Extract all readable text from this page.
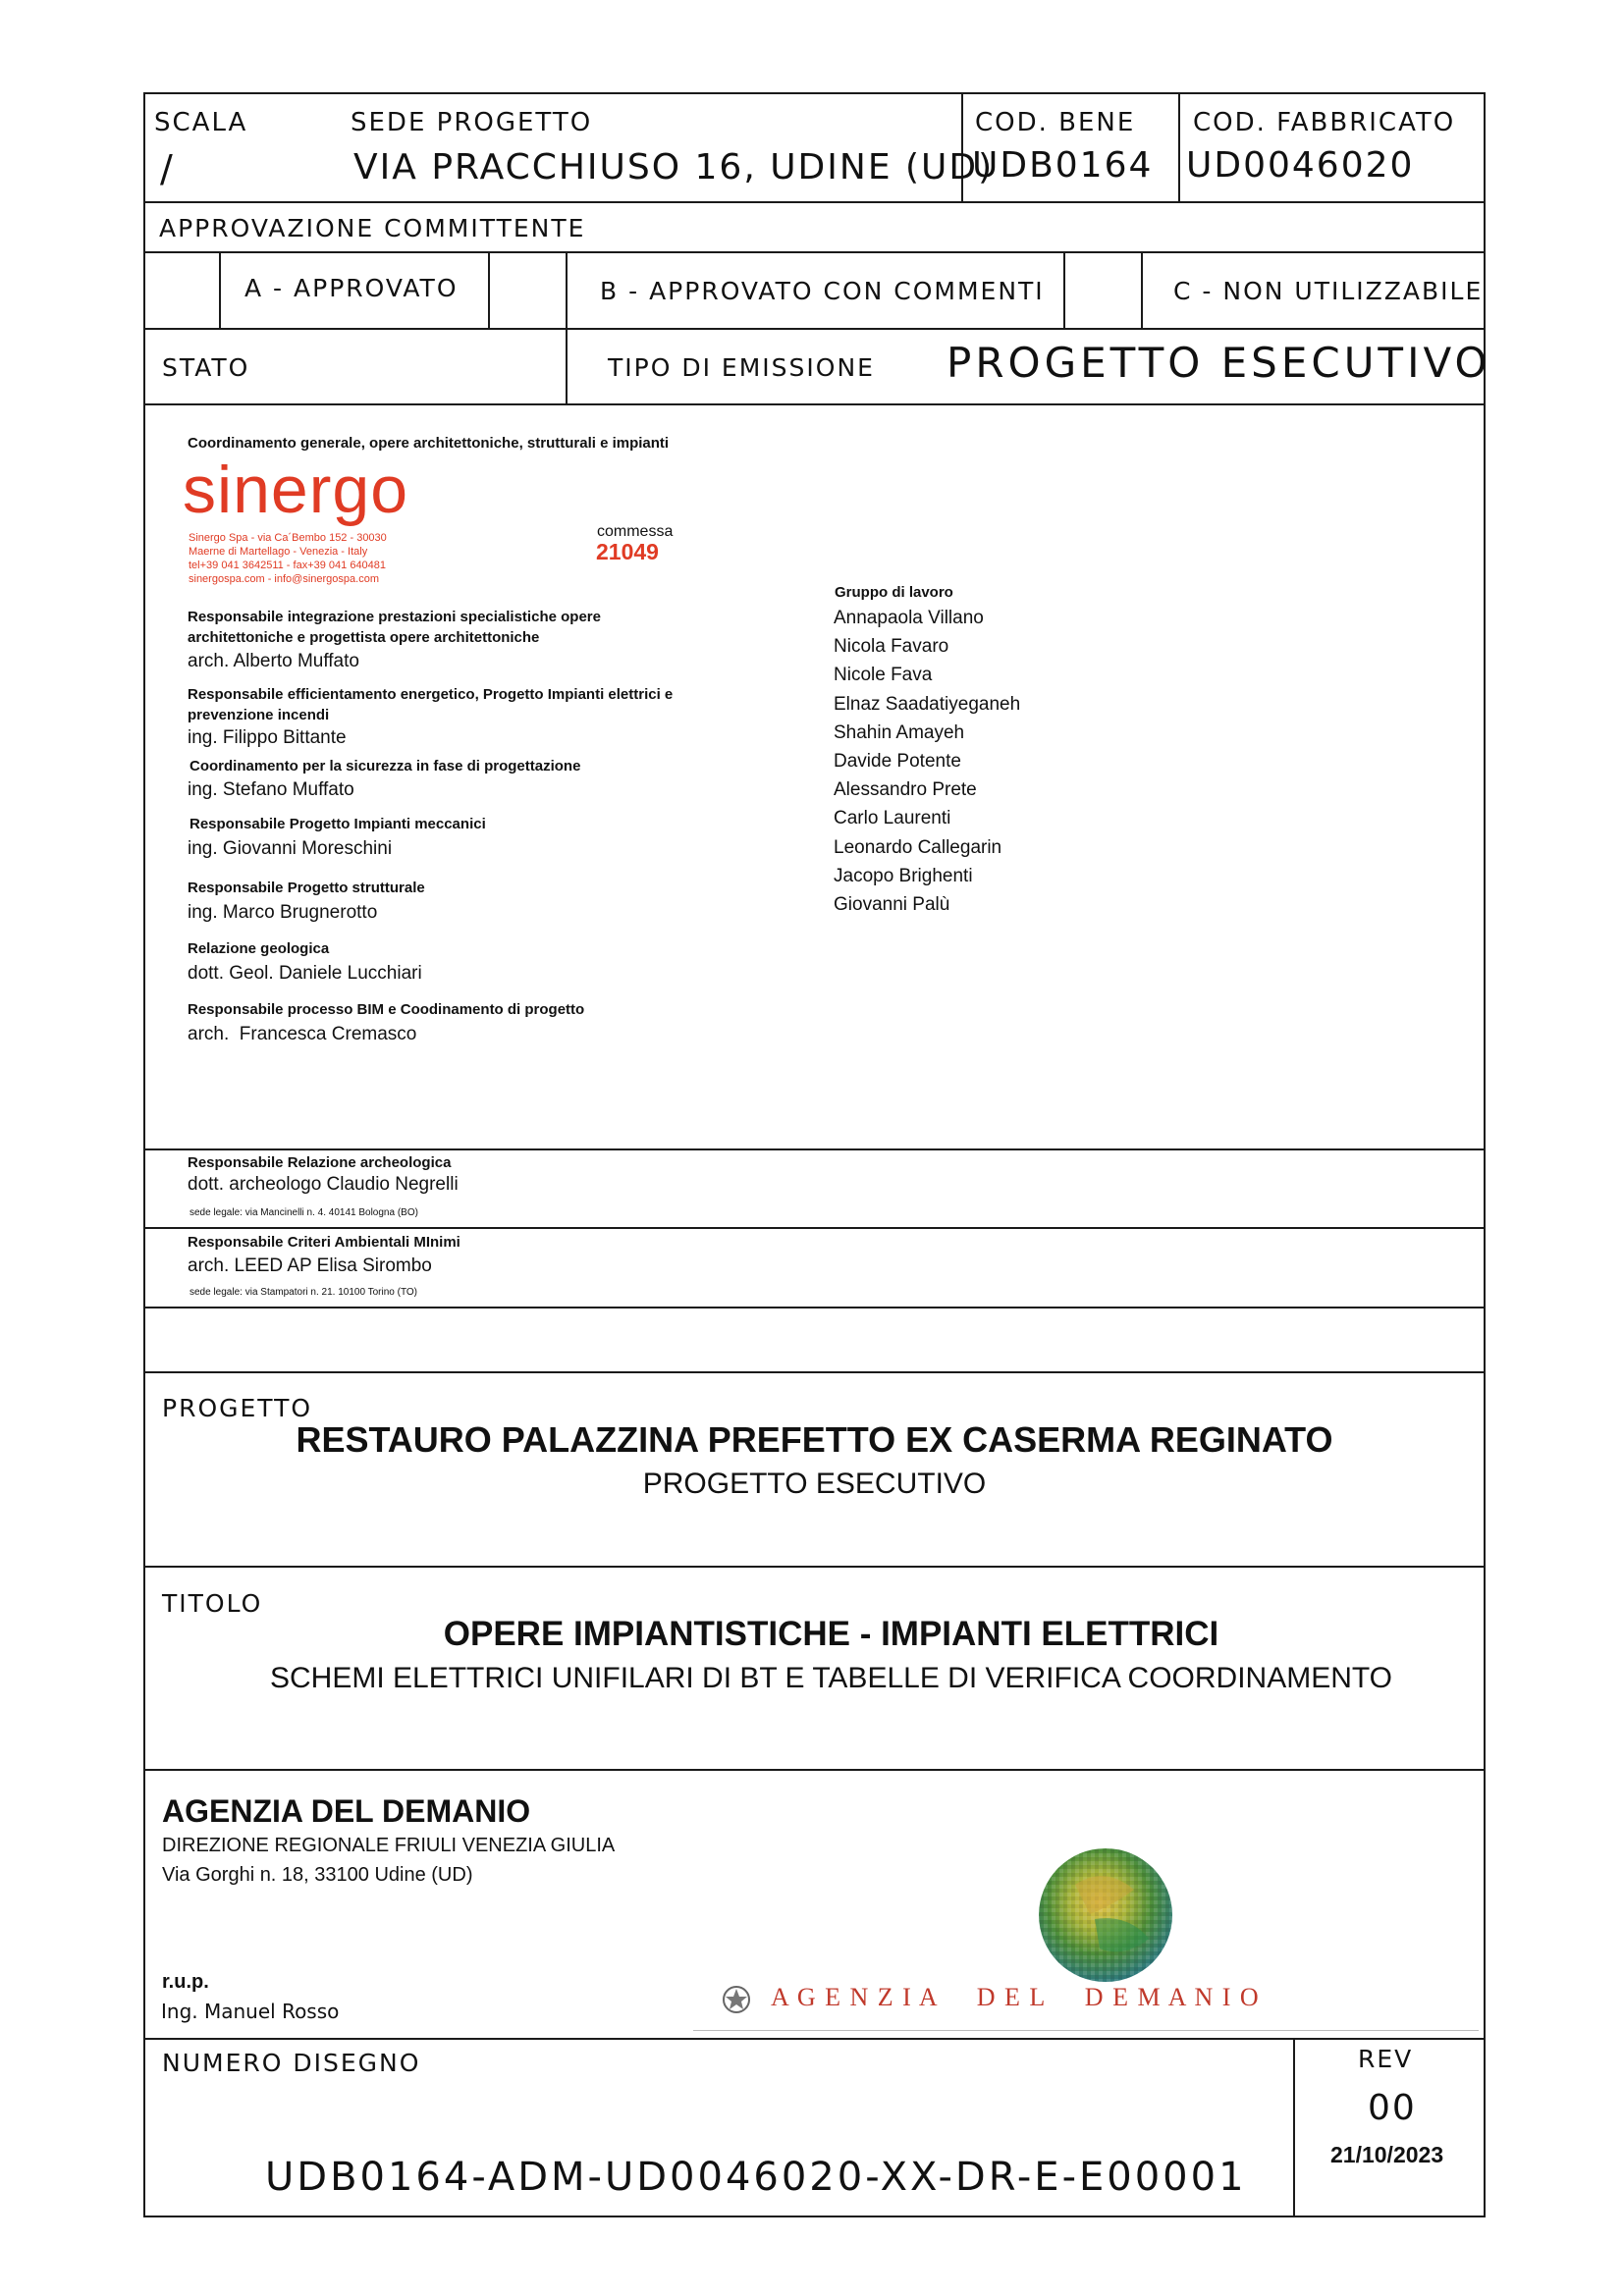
SCALA
/
SEDE PROGETTO
VIA PRACCHIUSO 16, UDINE (UD)
COD. BENE
UDB0164
COD. FABBRICATO
UD0046020
APPROVAZIONE COMMITTENTE
A - APPROVATO	B - APPROVATO CON COMMENTI	C - NON UTILIZZABILE
STATO	TIPO DI EMISSIONE PROGETTO ESECUTIVO
Coordinamento generale, opere architettoniche, strutturali e impianti
sinergo
Sinergo Spa - via Ca´Bembo 152 - 30030
Maerne di Martellago - Venezia - Italy
tel+39 041 3642511 - fax+39 041 640481
sinergospa.com - info@sinergospa.com
commessa
21049
Responsabile integrazione prestazioni specialistiche opere architettoniche e progettista opere architettoniche
arch. Alberto Muffato
Responsabile efficientamento energetico, Progetto Impianti elettrici e prevenzione incendi
ing. Filippo Bittante
Coordinamento per la sicurezza in fase di progettazione
ing. Stefano Muffato
Responsabile Progetto Impianti meccanici
ing. Giovanni Moreschini
Responsabile Progetto strutturale
ing. Marco Brugnerotto
Relazione geologica
dott. Geol. Daniele Lucchiari
Responsabile processo BIM e Coodinamento di progetto
arch.  Francesca Cremasco
Gruppo di lavoro
Annapaola Villano
Nicola Favaro
Nicole Fava
Elnaz Saadatiyeganeh
Shahin Amayeh
Davide Potente
Alessandro Prete
Carlo Laurenti
Leonardo Callegarin
Jacopo Brighenti
Giovanni Palù
Responsabile Relazione archeologica
dott. archeologo Claudio Negrelli
sede legale: via Mancinelli n. 4. 40141 Bologna (BO)
Responsabile Criteri Ambientali MInimi
arch. LEED AP Elisa Sirombo
sede legale: via Stampatori n. 21. 10100 Torino (TO)
PROGETTO
RESTAURO PALAZZINA PREFETTO EX CASERMA REGINATO
PROGETTO ESECUTIVO
TITOLO
OPERE IMPIANTISTICHE - IMPIANTI ELETTRICI
SCHEMI ELETTRICI UNIFILARI DI BT E TABELLE DI VERIFICA COORDINAMENTO
AGENZIA DEL DEMANIO
DIREZIONE REGIONALE FRIULI VENEZIA GIULIA
Via Gorghi n. 18, 33100 Udine (UD)
r.u.p.
Ing. Manuel Rosso	A G E N Z I A     D E L     D E M A N I O
NUMERO DISEGNO
UDB0164-ADM-UD0046020-XX-DR-E-E00001
REV
00
21/10/2023
